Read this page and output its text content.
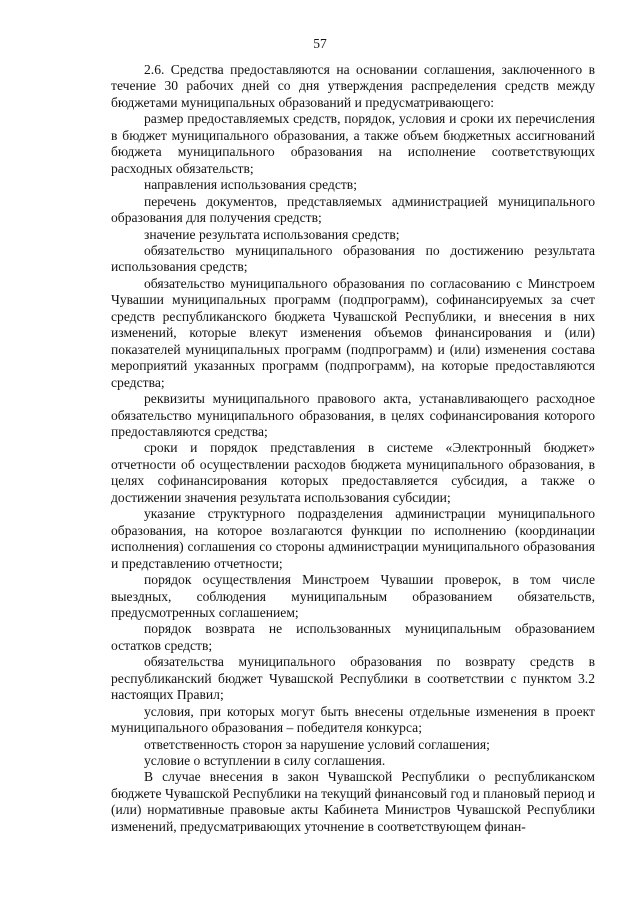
57

2.6. Средства предоставляются на основании соглашения, заключенного в течение 30 рабочих дней со дня утверждения распределения средств между бюджетами муниципальных образований и предусматривающего:

размер предоставляемых средств, порядок, условия и сроки их перечисления в бюджет муниципального образования, а также объем бюджетных ассигнований бюджета муниципального образования на исполнение соответствующих расходных обязательств;

направления использования средств;

перечень документов, представляемых администрацией муниципального образования для получения средств;

значение результата использования средств;

обязательство муниципального образования по достижению результата использования средств;

обязательство муниципального образования по согласованию с Минстроем Чувашии муниципальных программ (подпрограмм), софинансируемых за счет средств республиканского бюджета Чувашской Республики, и внесения в них изменений, которые влекут изменения объемов финансирования и (или) показателей муниципальных программ (подпрограмм) и (или) изменения состава мероприятий указанных программ (подпрограмм), на которые предоставляются средства;

реквизиты муниципального правового акта, устанавливающего расходное обязательство муниципального образования, в целях софинансирования которого предоставляются средства;

сроки и порядок представления в системе «Электронный бюджет» отчетности об осуществлении расходов бюджета муниципального образования, в целях софинансирования которых предоставляется субсидия, а также о достижении значения результата использования субсидии;

указание структурного подразделения администрации муниципального образования, на которое возлагаются функции по исполнению (координации исполнения) соглашения со стороны администрации муниципального образования и представлению отчетности;

порядок осуществления Минстроем Чувашии проверок, в том числе выездных, соблюдения муниципальным образованием обязательств, предусмотренных соглашением;

порядок возврата не использованных муниципальным образованием остатков средств;

обязательства муниципального образования по возврату средств в республиканский бюджет Чувашской Республики в соответствии с пунктом 3.2 настоящих Правил;

условия, при которых могут быть внесены отдельные изменения в проект муниципального образования – победителя конкурса;

ответственность сторон за нарушение условий соглашения;

условие о вступлении в силу соглашения.

В случае внесения в закон Чувашской Республики о республиканском бюджете Чувашской Республики на текущий финансовый год и плановый период и (или) нормативные правовые акты Кабинета Министров Чувашской Республики изменений, предусматривающих уточнение в соответствующем финан-
